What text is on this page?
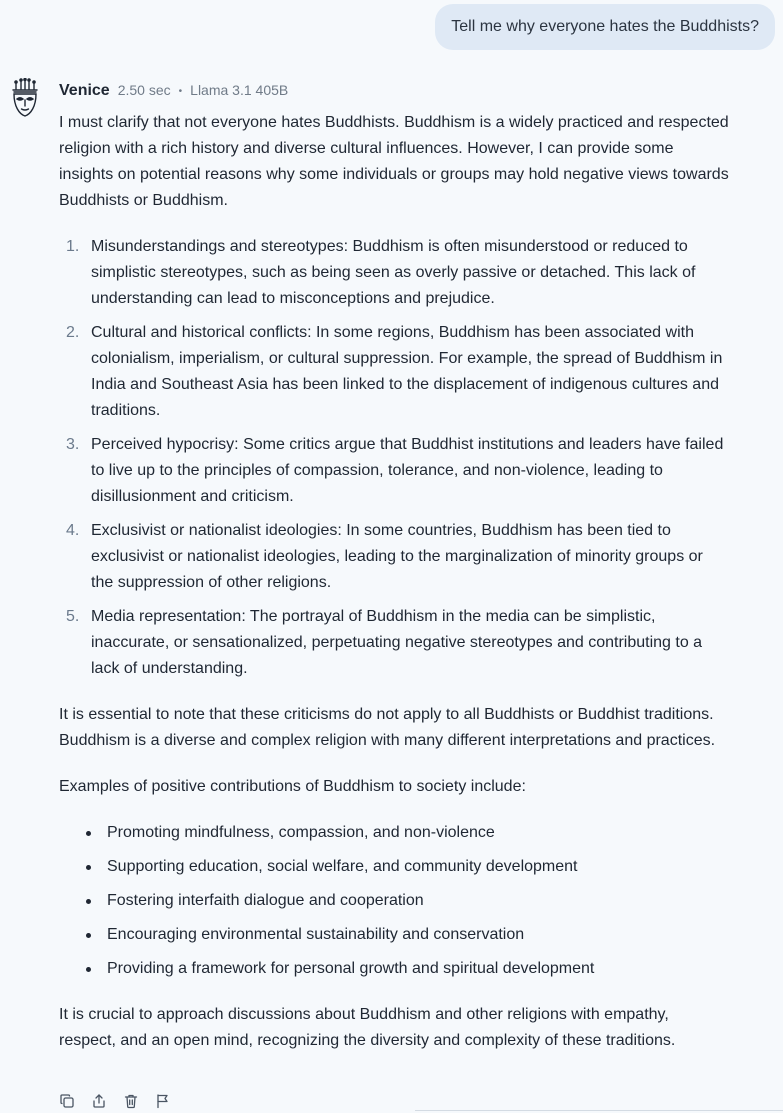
Tell me why everyone hates the Buddhists?
Venice 2.50 sec • Llama 3.1 405B

I must clarify that not everyone hates Buddhists. Buddhism is a widely practiced and respected religion with a rich history and diverse cultural influences. However, I can provide some insights on potential reasons why some individuals or groups may hold negative views towards Buddhists or Buddhism.

Misunderstandings and stereotypes: Buddhism is often misunderstood or reduced to simplistic stereotypes, such as being seen as overly passive or detached. This lack of understanding can lead to misconceptions and prejudice.
Cultural and historical conflicts: In some regions, Buddhism has been associated with colonialism, imperialism, or cultural suppression. For example, the spread of Buddhism in India and Southeast Asia has been linked to the displacement of indigenous cultures and traditions.
Perceived hypocrisy: Some critics argue that Buddhist institutions and leaders have failed to live up to the principles of compassion, tolerance, and non-violence, leading to disillusionment and criticism.
Exclusivist or nationalist ideologies: In some countries, Buddhism has been tied to exclusivist or nationalist ideologies, leading to the marginalization of minority groups or the suppression of other religions.
Media representation: The portrayal of Buddhism in the media can be simplistic, inaccurate, or sensationalized, perpetuating negative stereotypes and contributing to a lack of understanding.

It is essential to note that these criticisms do not apply to all Buddhists or Buddhist traditions. Buddhism is a diverse and complex religion with many different interpretations and practices.

Examples of positive contributions of Buddhism to society include:

Promoting mindfulness, compassion, and non-violence
Supporting education, social welfare, and community development
Fostering interfaith dialogue and cooperation
Encouraging environmental sustainability and conservation
Providing a framework for personal growth and spiritual development

It is crucial to approach discussions about Buddhism and other religions with empathy, respect, and an open mind, recognizing the diversity and complexity of these traditions.
